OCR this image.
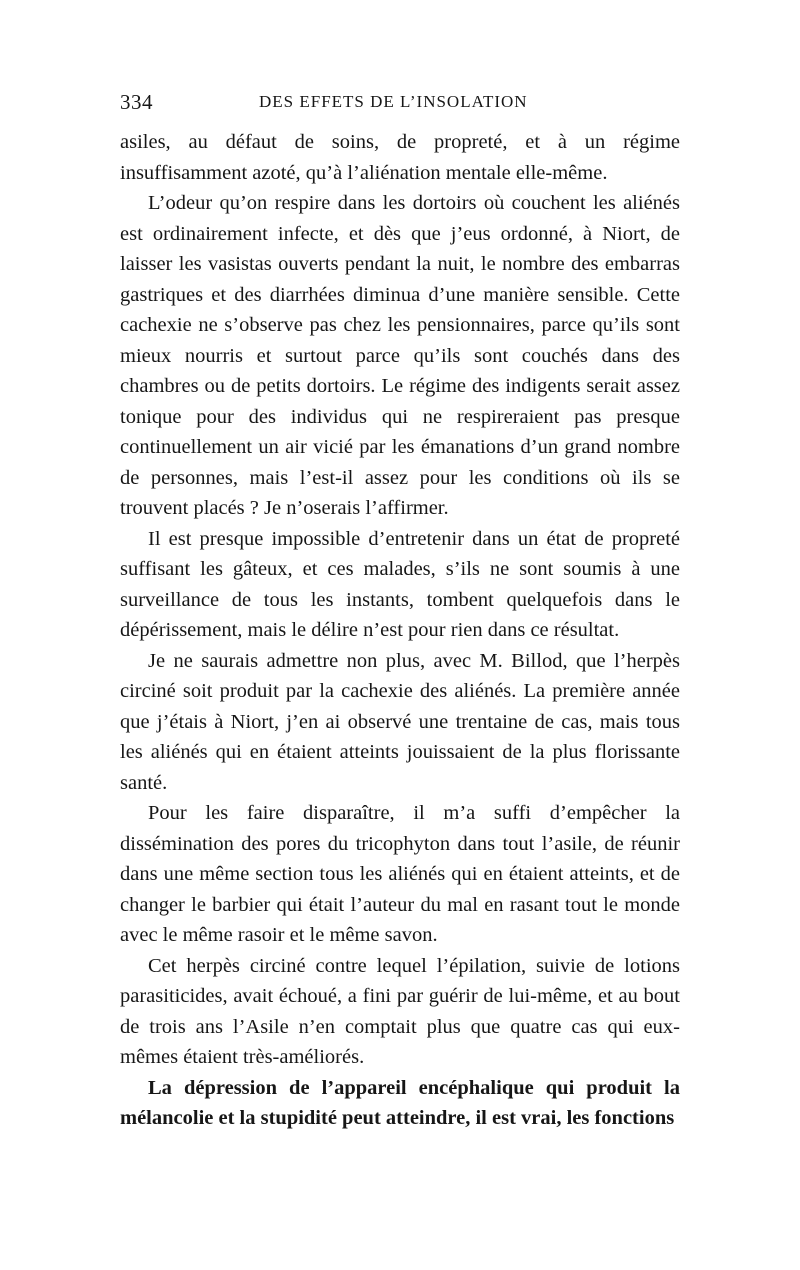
334	DES EFFETS DE L’INSOLATION

asiles, au défaut de soins, de propreté, et à un régime insuffisamment azoté, qu’à l’aliénation mentale elle-même.

L’odeur qu’on respire dans les dortoirs où couchent les aliénés est ordinairement infecte, et dès que j’eus ordonné, à Niort, de laisser les vasistas ouverts pendant la nuit, le nombre des embarras gastriques et des diarrhées diminua d’une manière sensible. Cette cachexie ne s’observe pas chez les pensionnaires, parce qu’ils sont mieux nourris et surtout parce qu’ils sont couchés dans des chambres ou de petits dortoirs. Le régime des indigents serait assez tonique pour des individus qui ne respireraient pas presque continuellement un air vicié par les émanations d’un grand nombre de personnes, mais l’est-il assez pour les conditions où ils se trouvent placés ? Je n’oserais l’affirmer.

Il est presque impossible d’entretenir dans un état de propreté suffisant les gâteux, et ces malades, s’ils ne sont soumis à une surveillance de tous les instants, tombent quelquefois dans le dépérissement, mais le délire n’est pour rien dans ce résultat.

Je ne saurais admettre non plus, avec M. Billod, que l’herpès circiné soit produit par la cachexie des aliénés. La première année que j’étais à Niort, j’en ai observé une trentaine de cas, mais tous les aliénés qui en étaient atteints jouissaient de la plus florissante santé.

Pour les faire disparaître, il m’a suffi d’empêcher la dissémination des pores du tricophyton dans tout l’asile, de réunir dans une même section tous les aliénés qui en étaient atteints, et de changer le barbier qui était l’auteur du mal en rasant tout le monde avec le même rasoir et le même savon.

Cet herpès circiné contre lequel l’épilation, suivie de lotions parasiticides, avait échoué, a fini par guérir de lui-même, et au bout de trois ans l’Asile n’en comptait plus que quatre cas qui eux-mêmes étaient très-améliorés.

La dépression de l’appareil encéphalique qui produit la mélancolie et la stupidité peut atteindre, il est vrai, les fonctions
